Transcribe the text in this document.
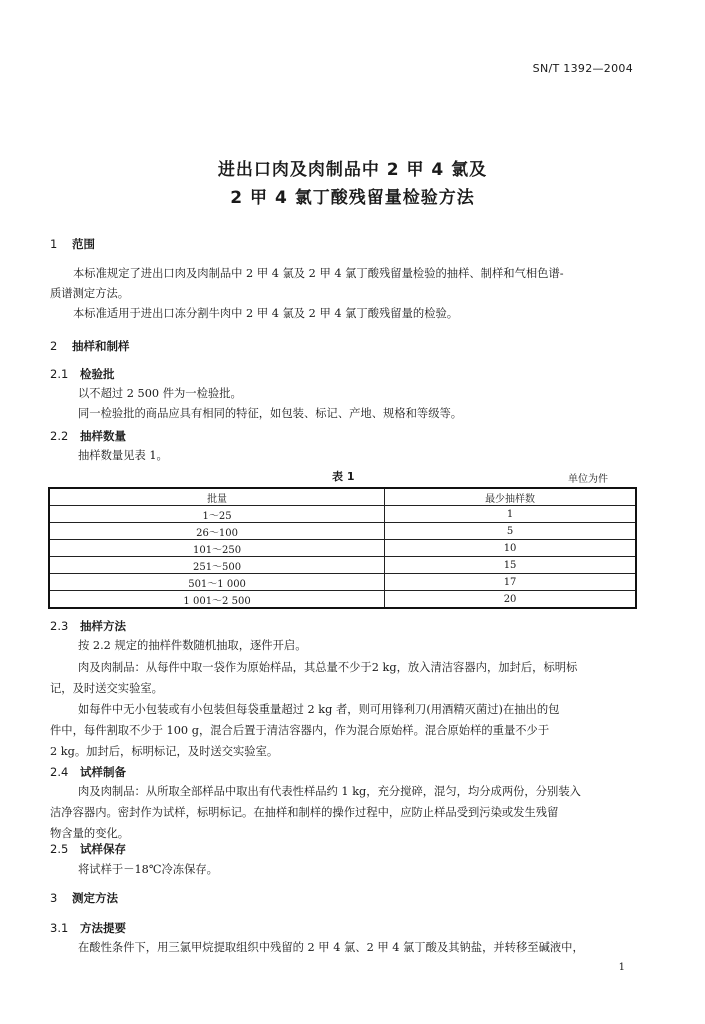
SN/T 1392—2004
进出口肉及肉制品中 2 甲 4 氯及
2 甲 4 氯丁酸残留量检验方法
1 范围
本标准规定了进出口肉及肉制品中 2 甲 4 氯及 2 甲 4 氯丁酸残留量检验的抽样、制样和气相色谱-
质谱测定方法。
本标准适用于进出口冻分割牛肉中 2 甲 4 氯及 2 甲 4 氯丁酸残留量的检验。
2 抽样和制样
2.1 检验批
以不超过 2 500 件为一检验批。
同一检验批的商品应具有相同的特征，如包装、标记、产地、规格和等级等。
2.2 抽样数量
抽样数量见表 1。
表 1	单位为件
批量	最少抽样数
1～25	1
26～100	5
101～250	10
251～500	15
501～1 000	17
1 001～2 500	20
2.3 抽样方法
按 2.2 规定的抽样件数随机抽取，逐件开启。
肉及肉制品：从每件中取一袋作为原始样品，其总量不少于2 kg，放入清洁容器内，加封后，标明标
记，及时送交实验室。
如每件中无小包装或有小包装但每袋重量超过 2 kg 者，则可用锋利刀(用酒精灭菌过)在抽出的包
件中，每件割取不少于 100 g，混合后置于清洁容器内，作为混合原始样。混合原始样的重量不少于
2 kg。加封后，标明标记，及时送交实验室。
2.4 试样制备
肉及肉制品：从所取全部样品中取出有代表性样品约 1 kg，充分搅碎，混匀，均分成两份，分别装入
洁净容器内。密封作为试样，标明标记。在抽样和制样的操作过程中，应防止样品受到污染或发生残留
物含量的变化。
2.5 试样保存
将试样于－18℃冷冻保存。
3 测定方法
3.1 方法提要
在酸性条件下，用三氯甲烷提取组织中残留的 2 甲 4 氯、2 甲 4 氯丁酸及其钠盐，并转移至碱液中，
1
